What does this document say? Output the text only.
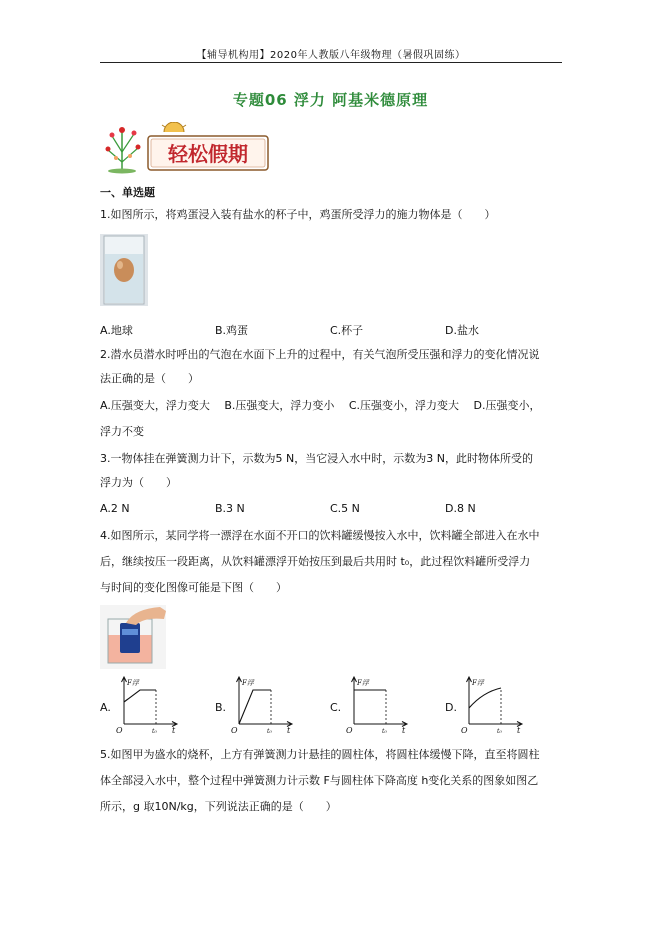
【辅导机构用】2020年人教版八年级物理（暑假巩固练）
专题06 浮力 阿基米德原理
轻松假期
一、单选题
1.如图所示，将鸡蛋浸入装有盐水的杯子中，鸡蛋所受浮力的施力物体是（　　）
A.地球	B.鸡蛋	C.杯子	D.盐水
2.潜水员潜水时呼出的气泡在水面下上升的过程中，有关气泡所受压强和浮力的变化情况说
法正确的是（　　）
A.压强变大，浮力变大　 B.压强变大，浮力变小　 C.压强变小，浮力变大　 D.压强变小，
浮力不变
3.一物体挂在弹簧测力计下，示数为5 N，当它浸入水中时，示数为3 N，此时物体所受的
浮力为（　　）
A.2 N	B.3 N	C.5 N	D.8 N
4.如图所示，某同学将一漂浮在水面不开口的饮料罐缓慢按入水中，饮料罐全部进入在水中
后，继续按压一段距离，从饮料罐漂浮开始按压到最后共用时 t₀，此过程饮料罐所受浮力
与时间的变化图像可能是下图（　　）
A.
F浮
t
O	t₀
B.
F浮
t
O	t₀
C.
F浮
t
O	t₀
D.
F浮
t
O	t₀
5.如图甲为盛水的烧杯，上方有弹簧测力计悬挂的圆柱体，将圆柱体缓慢下降，直至将圆柱
体全部浸入水中，整个过程中弹簧测力计示数 F与圆柱体下降高度 h变化关系的图象如图乙
所示，g 取10N/kg，下列说法正确的是（　　）
